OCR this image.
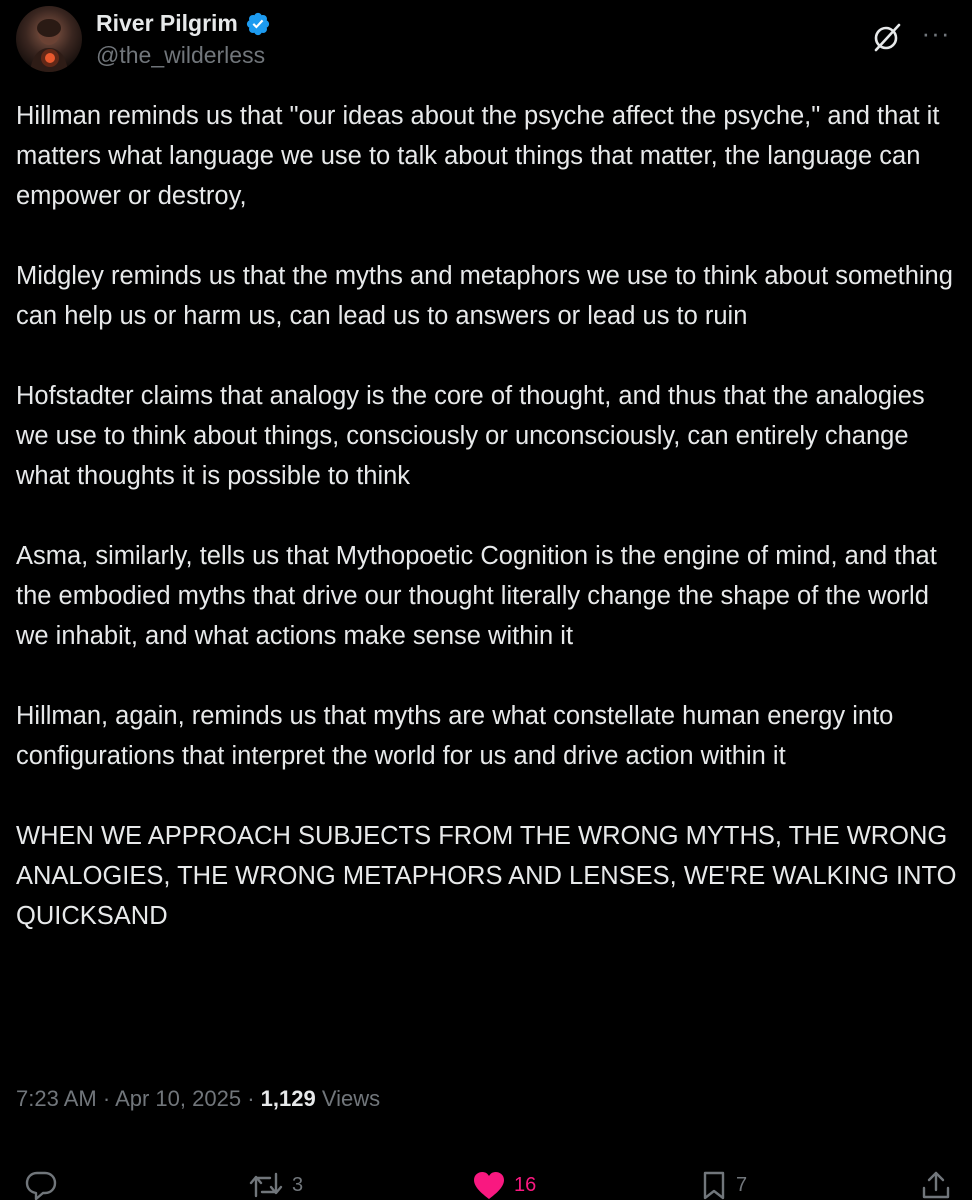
River Pilgrim
@the_wilderless
···

Hillman reminds us that "our ideas about the psyche affect the psyche," and that it matters what language we use to talk about things that matter, the language can empower or destroy,

Midgley reminds us that the myths and metaphors we use to think about something can help us or harm us, can lead us to answers or lead us to ruin

Hofstadter claims that analogy is the core of thought, and thus that the analogies we use to think about things, consciously or unconsciously, can entirely change what thoughts it is possible to think

Asma, similarly, tells us that Mythopoetic Cognition is the engine of mind, and that the embodied myths that drive our thought literally change the shape of the world we inhabit, and what actions make sense within it

Hillman, again, reminds us that myths are what constellate human energy into configurations that interpret the world for us and drive action within it

WHEN WE APPROACH SUBJECTS FROM THE WRONG MYTHS, THE WRONG ANALOGIES, THE WRONG METAPHORS AND LENSES, WE'RE WALKING INTO QUICKSAND

7:23 AM · Apr 10, 2025 · 1,129 Views
3	16	7
